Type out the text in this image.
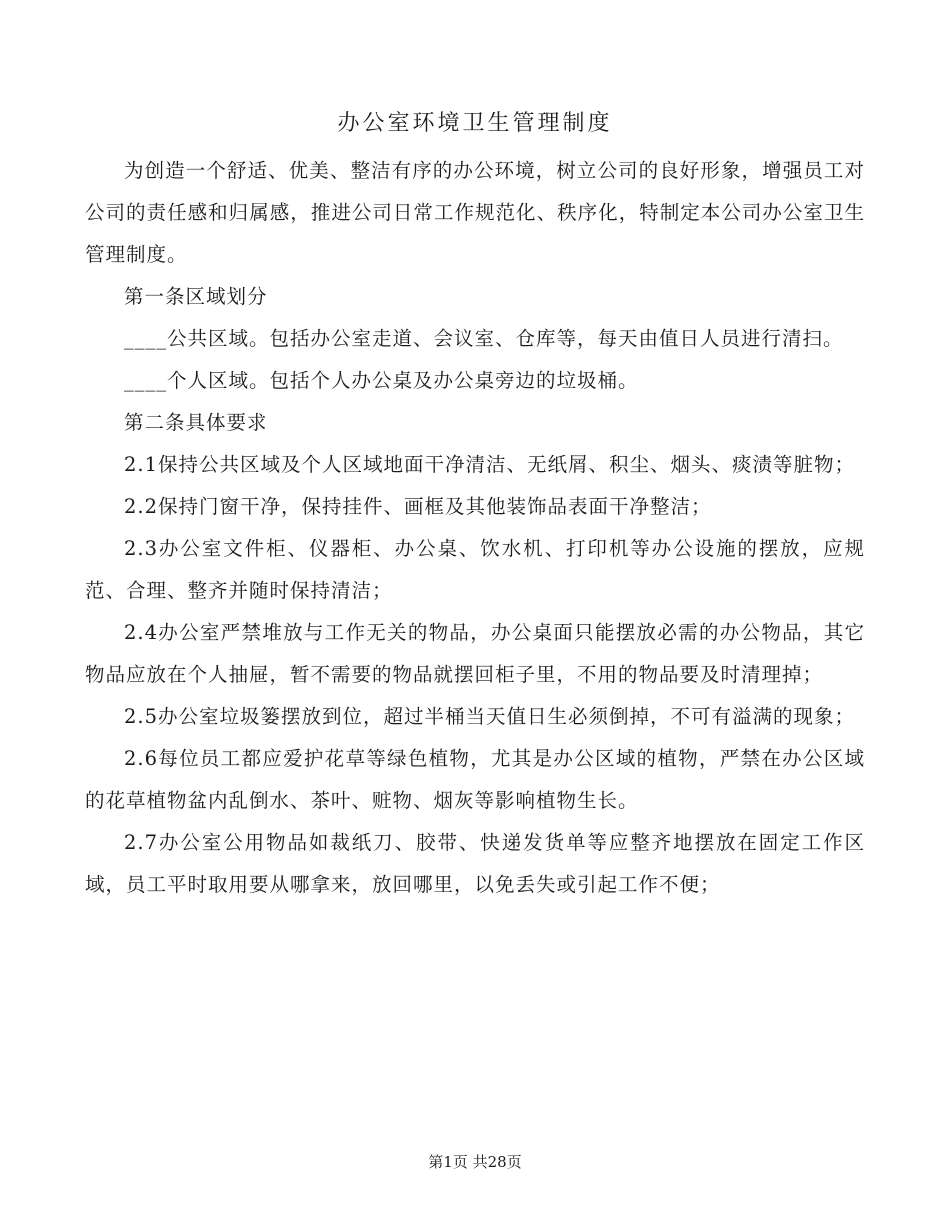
办公室环境卫生管理制度

为创造一个舒适、优美、整洁有序的办公环境，树立公司的良好形象，增强员工对公司的责任感和归属感，推进公司日常工作规范化、秩序化，特制定本公司办公室卫生管理制度。

第一条区域划分

____公共区域。包括办公室走道、会议室、仓库等，每天由值日人员进行清扫。

____个人区域。包括个人办公桌及办公桌旁边的垃圾桶。

第二条具体要求

2.1保持公共区域及个人区域地面干净清洁、无纸屑、积尘、烟头、痰渍等脏物；

2.2保持门窗干净，保持挂件、画框及其他装饰品表面干净整洁；

2.3办公室文件柜、仪器柜、办公桌、饮水机、打印机等办公设施的摆放，应规范、合理、整齐并随时保持清洁；

2.4办公室严禁堆放与工作无关的物品，办公桌面只能摆放必需的办公物品，其它物品应放在个人抽屉，暂不需要的物品就摆回柜子里，不用的物品要及时清理掉；

2.5办公室垃圾篓摆放到位，超过半桶当天值日生必须倒掉，不可有溢满的现象；

2.6每位员工都应爱护花草等绿色植物，尤其是办公区域的植物，严禁在办公区域的花草植物盆内乱倒水、茶叶、赃物、烟灰等影响植物生长。

2.7办公室公用物品如裁纸刀、胶带、快递发货单等应整齐地摆放在固定工作区域，员工平时取用要从哪拿来，放回哪里，以免丢失或引起工作不便；

第1页 共28页
